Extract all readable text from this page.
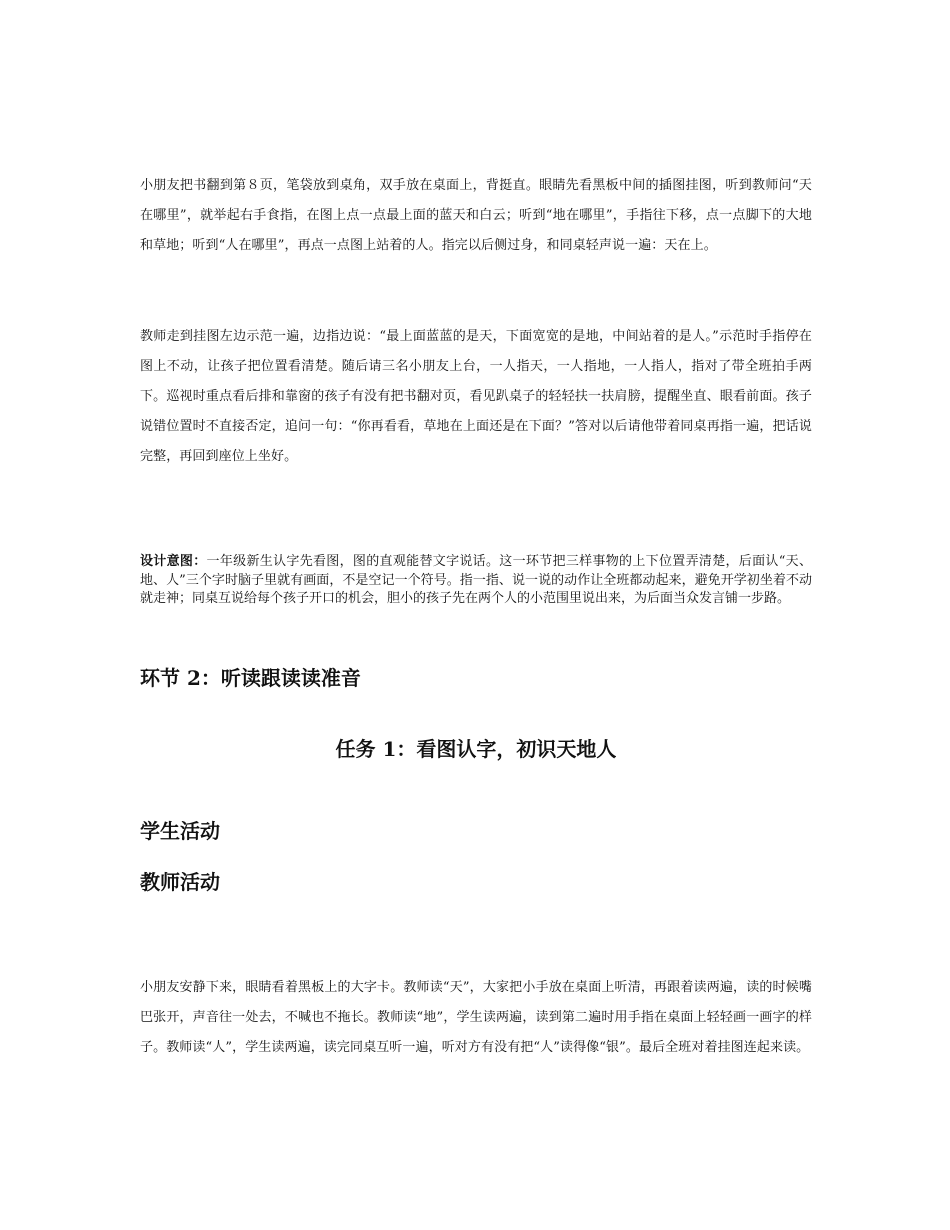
小朋友把书翻到第８页，笔袋放到桌角，双手放在桌面上，背挺直。眼睛先看黑板中间的插图挂图，听到教师问“天在哪里”，就举起右手食指，在图上点一点最上面的蓝天和白云；听到“地在哪里”，手指往下移，点一点脚下的大地和草地；听到“人在哪里”，再点一点图上站着的人。指完以后侧过身，和同桌轻声说一遍：天在上。

教师走到挂图左边示范一遍，边指边说：“最上面蓝蓝的是天，下面宽宽的是地，中间站着的是人。”示范时手指停在图上不动，让孩子把位置看清楚。随后请三名小朋友上台，一人指天，一人指地，一人指人，指对了带全班拍手两下。巡视时重点看后排和靠窗的孩子有没有把书翻对页，看见趴桌子的轻轻扶一扶肩膀，提醒坐直、眼看前面。孩子说错位置时不直接否定，追问一句：“你再看看，草地在上面还是在下面？”答对以后请他带着同桌再指一遍，把话说完整，再回到座位上坐好。

设计意图：一年级新生认字先看图，图的直观能替文字说话。这一环节把三样事物的上下位置弄清楚，后面认“天、地、人”三个字时脑子里就有画面，不是空记一个符号。指一指、说一说的动作让全班都动起来，避免开学初坐着不动就走神；同桌互说给每个孩子开口的机会，胆小的孩子先在两个人的小范围里说出来，为后面当众发言铺一步路。

环节 2：听读跟读读准音
任务 1：看图认字，初识天地人
学生活动
教师活动

小朋友安静下来，眼睛看着黑板上的大字卡。教师读“天”，大家把小手放在桌面上听清，再跟着读两遍，读的时候嘴巴张开，声音往一处去，不喊也不拖长。教师读“地”，学生读两遍，读到第二遍时用手指在桌面上轻轻画一画字的样子。教师读“人”，学生读两遍，读完同桌互听一遍，听对方有没有把“人”读得像“银”。最后全班对着挂图连起来读。
